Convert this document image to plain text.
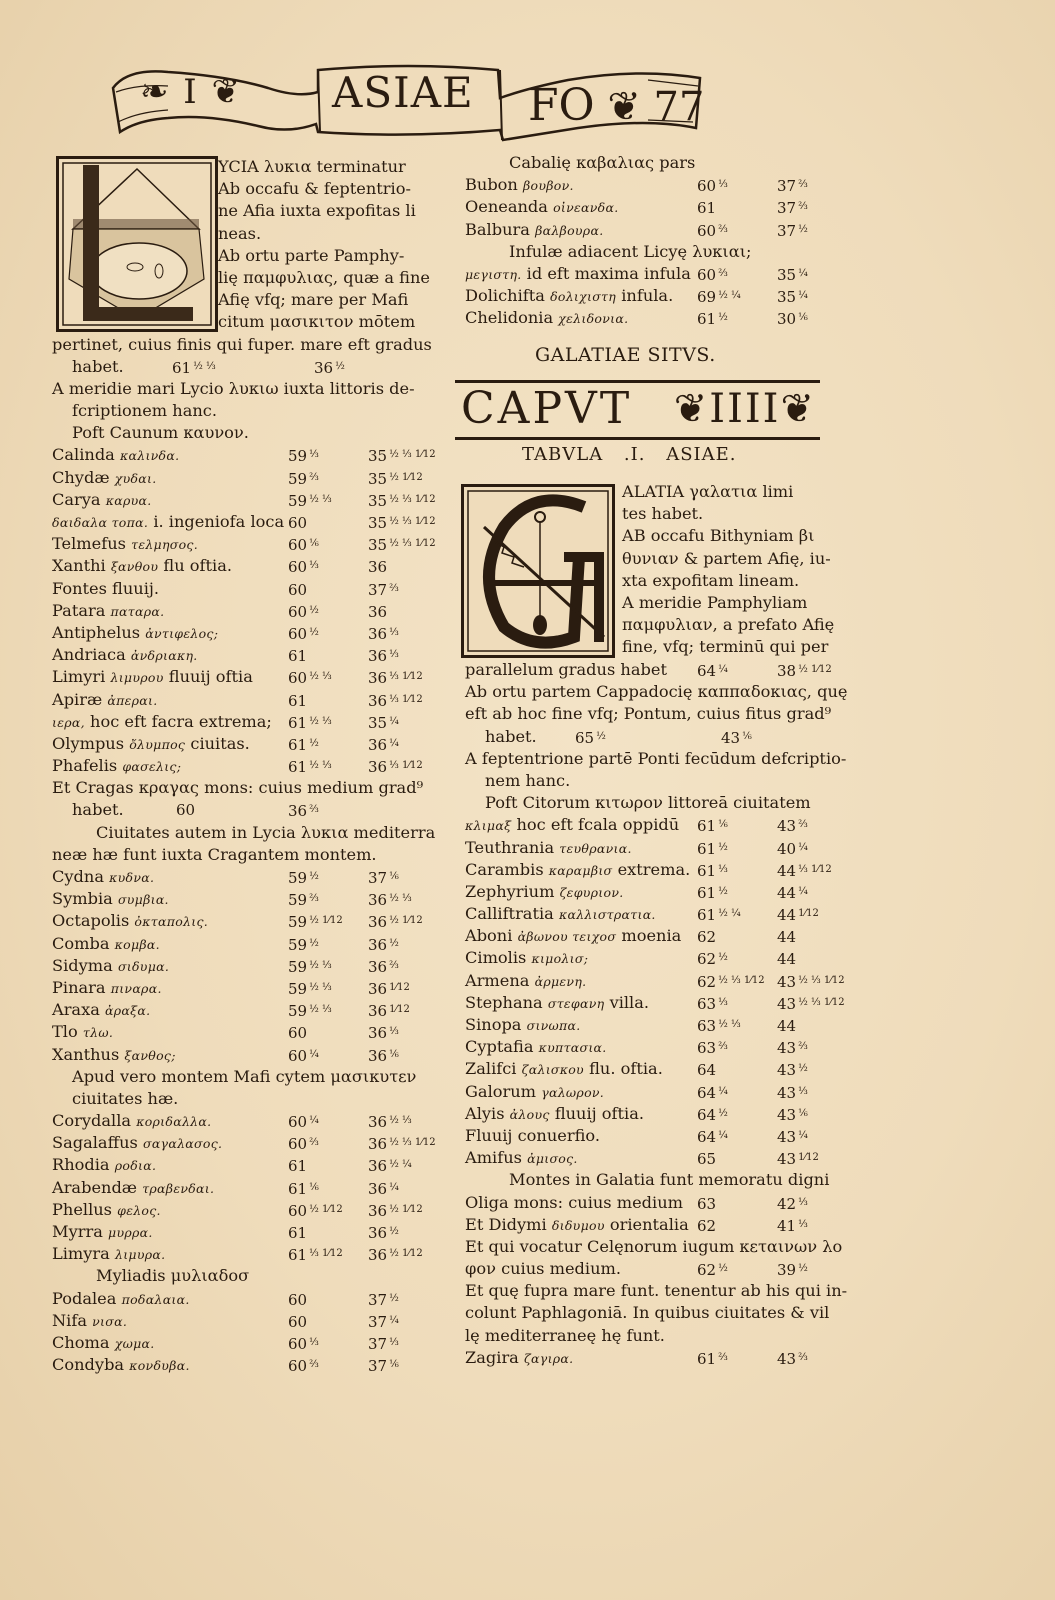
❧ I ❦ ASIAE FO ❦ 77
YCIA λυκια terminatur
Ab occafu & feptentrio-
ne Afia iuxta expofitas li
neas.
Ab ortu parte Pamphy-
lię παμφυλιας, quæ a fine
Afię vfq; mare per Mafi
citum μασικιτον mōtem
pertinet, cuius finis qui fuper. mare eft gradus
habet.	61 $^{\frac{1}{2} \frac{1}{3}}$	36 $^{\frac{1}{2}}$
A meridie mari Lycio λυκιω iuxta littoris de-
fcriptionem hanc.
Poft Caunum καυνον.
Calinda καλινδα.	59 $^{\frac{1}{3}}$	35 $^{\frac{1}{2} \frac{1}{3} 1⁄12}$
Chydæ χυδαι.	59 $^{\frac{2}{3}}$	35 $^{\frac{1}{2} 1⁄12}$
Carya καρυα.	59 $^{\frac{1}{2} \frac{1}{3}}$ 35 $^{\frac{1}{2} \frac{1}{3} 1⁄12}$
δαιδαλα τοπα. i. ingeniofa loca 60	35 $^{\frac{1}{2} \frac{1}{3} 1⁄12}$
Telmefus τελμησος.	60 $^{\frac{1}{6}}$	35 $^{\frac{1}{2} \frac{1}{3} 1⁄12}$
Xanthi ξανθου flu oftia.	60 $^{\frac{1}{3}}$	36
Fontes fluuij.	60	37 $^{\frac{2}{3}}$
Patara παταρα.	60 $^{\frac{1}{2}}$	36
Antiphelus ἀντιφελος;	60 $^{\frac{1}{2}}$	36 $^{\frac{1}{3}}$
Andriaca ἀνδριακη.	61	36 $^{\frac{1}{3}}$
Limyri λιμυρου fluuij oftia 60 $^{\frac{1}{2} \frac{1}{3}}$ 36 $^{\frac{1}{3} 1⁄12}$
Apiræ ἀπεραι.	61	36 $^{\frac{1}{3} 1⁄12}$
ιερα, hoc eft facra extrema; 61 $^{\frac{1}{2} \frac{1}{3}}$ 35 $^{\frac{1}{4}}$
Olympus ὄλυμπος ciuitas.	61 $^{\frac{1}{2}}$	36 $^{\frac{1}{4}}$
Phafelis φασελις;	61 $^{\frac{1}{2} \frac{1}{3}}$ 36 $^{\frac{1}{3} 1⁄12}$
Et Cragas κραγας mons: cuius medium grad⁹
habet.	60	36 $^{\frac{2}{3}}$
Ciuitates autem in Lycia λυκια mediterra
neæ hæ funt iuxta Cragantem montem.
Cydna κυδνα.	59 $^{\frac{1}{2}}$	37 $^{\frac{1}{6}}$
Symbia συμβια.	59 $^{\frac{2}{3}}$	36 $^{\frac{1}{2} \frac{1}{3}}$
Octapolis ὀκταπολις.	59 $^{\frac{1}{2} 1⁄12}$ 36 $^{\frac{1}{2} 1⁄12}$
Comba κομβα.	59 $^{\frac{1}{2}}$	36 $^{\frac{1}{2}}$
Sidyma σιδυμα.	59 $^{\frac{1}{2} \frac{1}{3}}$ 36 $^{\frac{2}{3}}$
Pinara πιναρα.	59 $^{\frac{1}{2} \frac{1}{3}}$ 36 $^{1⁄12}$
Araxa ἀραξα.	59 $^{\frac{1}{2} \frac{1}{3}}$ 36 $^{1⁄12}$
Tlo τλω.	60	36 $^{\frac{1}{3}}$
Xanthus ξανθος;	60 $^{\frac{1}{4}}$	36 $^{\frac{1}{6}}$
Apud vero montem Mafi cytem μασικυτεν
ciuitates hæ.
Corydalla κοριδαλλα.	60 $^{\frac{1}{4}}$	36 $^{\frac{1}{2} \frac{1}{3}}$
Sagalaffus σαγαλασος.	60 $^{\frac{2}{3}}$	36 $^{\frac{1}{2} \frac{1}{3} 1⁄12}$
Rhodia ροδια.	61	36 $^{\frac{1}{2} \frac{1}{4}}$
Arabendæ τραβενδαι.	61 $^{\frac{1}{6}}$	36 $^{\frac{1}{4}}$
Phellus φελος.	60 $^{\frac{1}{2} 1⁄12}$ 36 $^{\frac{1}{2} 1⁄12}$
Myrra μυρρα.	61	36 $^{\frac{1}{2}}$
Limyra λιμυρα.	61 $^{\frac{1}{3} 1⁄12}$ 36 $^{\frac{1}{2} 1⁄12}$
Myliadis μυλιαδοσ
Podalea ποδαλαια.	60	37 $^{\frac{1}{2}}$
Nifa νισα.	60	37 $^{\frac{1}{4}}$
Choma χωμα.	60 $^{\frac{1}{3}}$	37 $^{\frac{1}{3}}$
Condyba κονδυβα.	60 $^{\frac{2}{3}}$	37 $^{\frac{1}{6}}$
Cabalię καβαλιας pars
Bubon βουβον.	60 $^{\frac{1}{3}}$	37 $^{\frac{2}{3}}$
Oeneanda οἰνεανδα.	61	37 $^{\frac{2}{3}}$
Balbura βαλβουρα.	60 $^{\frac{2}{3}}$	37 $^{\frac{1}{2}}$
Infulæ adiacent Licyę λυκιαι;
μεγιστη. id eft maxima infula 60 $^{\frac{2}{3}}$	35 $^{\frac{1}{4}}$
Dolichifta δολιχιστη infula. 69 $^{\frac{1}{2} \frac{1}{4}}$ 35 $^{\frac{1}{4}}$
Chelidonia χελιδονια.	61 $^{\frac{1}{2}}$	30 $^{\frac{1}{6}}$
GALATIAE SITVS.
CAPVT ❦IIII❦
TABVLA .I. ASIAE.
ALATIA γαλατια limi
tes habet.
AB occafu Bithyniam βι
θυνιαν & partem Afię, iu-
xta expofitam lineam.
A meridie Pamphyliam
παμφυλιαν, a prefato Afię
fine, vfq; terminū qui per
parallelum gradus habet 64 $^{\frac{1}{4}}$	38 $^{\frac{1}{2} 1⁄12}$
Ab ortu partem Cappadocię καππαδοκιας, quę
eft ab hoc fine vfq; Pontum, cuius fitus grad⁹
habet.	65 $^{\frac{1}{2}}$	43 $^{\frac{1}{6}}$
A feptentrione partē Ponti fecūdum defcriptio-
nem hanc.
Poft Citorum κιτωρον littoreā ciuitatem
κλιμαξ hoc eft fcala oppidū 61 $^{\frac{1}{6}}$	43 $^{\frac{2}{3}}$
Teuthrania τευθρανια.	61 $^{\frac{1}{2}}$	40 $^{\frac{1}{4}}$
Carambis καραμβισ extrema. 61 $^{\frac{1}{3}}$	44 $^{\frac{1}{3} 1⁄12}$
Zephyrium ζεφυριον.	61 $^{\frac{1}{2}}$	44 $^{\frac{1}{4}}$
Calliftratia καλλιστρατια.	61 $^{\frac{1}{2} \frac{1}{4}}$ 44 $^{1⁄12}$
Aboni ἀβωνου τειχοσ moenia 62	44
Cimolis κιμολισ;	62 $^{\frac{1}{2}}$	44
Armena ἀρμενη.	62 $^{\frac{1}{2} \frac{1}{3} 1⁄12}$ 43 $^{\frac{1}{2} \frac{1}{3} 1⁄12}$
Stephana στεφανη villa.	63 $^{\frac{1}{3}}$	43 $^{\frac{1}{2} \frac{1}{3} 1⁄12}$
Sinopa σινωπα.	63 $^{\frac{1}{2} \frac{1}{3}}$ 44
Cyptafia κυπτασια.	63 $^{\frac{2}{3}}$	43 $^{\frac{2}{3}}$
Zalifci ζαλισκου flu. oftia. 64	43 $^{\frac{1}{2}}$
Galorum γαλωρον.	64 $^{\frac{1}{4}}$	43 $^{\frac{1}{3}}$
Alyis ἀλους fluuij oftia.	64 $^{\frac{1}{2}}$	43 $^{\frac{1}{6}}$
Fluuij conuerfio.	64 $^{\frac{1}{4}}$	43 $^{\frac{1}{4}}$
Amifus ἀμισος.	65	43 $^{1⁄12}$
Montes in Galatia funt memoratu digni
Oliga mons: cuius medium 63	42 $^{\frac{1}{3}}$
Et Didymi διδυμου orientalia 62	41 $^{\frac{1}{3}}$
Et qui vocatur Celęnorum iugum κεταινων λο
φον cuius medium.	62 $^{\frac{1}{2}}$	39 $^{\frac{1}{2}}$
Et quę fupra mare funt. tenentur ab his qui in-
colunt Paphlagoniā. In quibus ciuitates & vil
lę mediterraneę hę funt.
Zagira ζαγιρα.	61 $^{\frac{2}{3}}$	43 $^{\frac{2}{3}}$
